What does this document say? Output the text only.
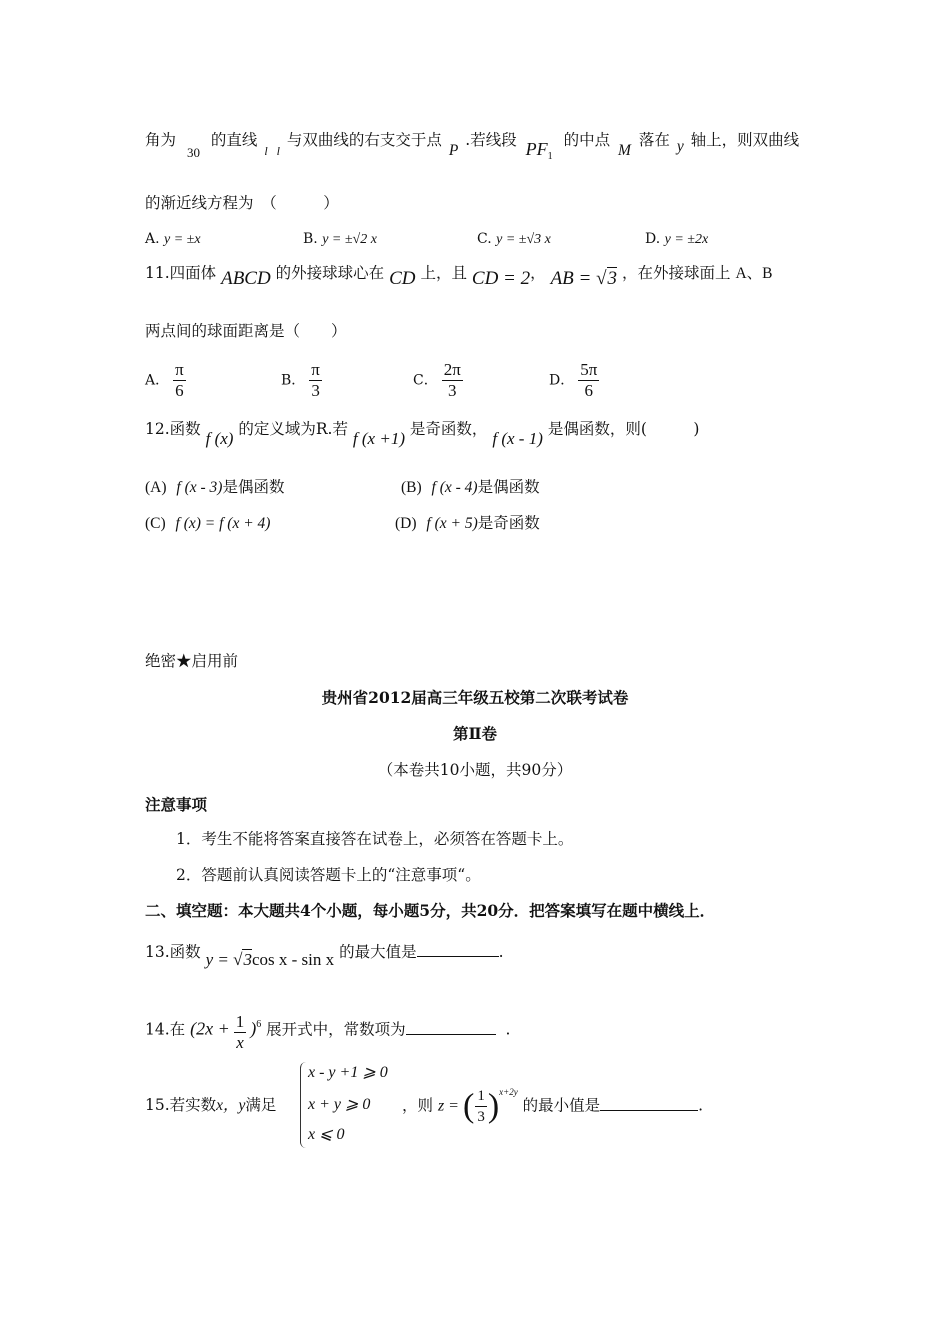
角为 $_{30}$ 的直线 $_l$ $_l$ 与双曲线的右支交于点 P .若线段 $PF_1$ 的中点 M 落在 y 轴上，则双曲线
的渐近线方程为　（　　　）
A. y = ±x	B. y = ±√2 x	C. y = ±√3 x	D. y = ±2x
11.四面体 ABCD 的外接球球心在 CD 上，且 CD = 2， AB = √3 ，在外接球面上 A、B
两点间的球面距离是（　　）
A． $\frac{\pi}{6}$	B． $\frac{\pi}{3}$	C． $\frac{2\pi}{3}$	D． $\frac{5\pi}{6}$
12.函数 f (x) 的定义域为R.若 f (x +1) 是奇函数， f (x - 1) 是偶函数，则(　　　)
(A) f (x - 3)是偶函数	(B) f (x - 4)是偶函数
(C) f (x) = f (x + 4)	(D) f (x + 5)是奇函数
绝密★启用前
贵州省2012届高三年级五校第二次联考试卷
第Ⅱ卷
（本卷共10小题，共90分）
注意事项
1．考生不能将答案直接答在试卷上，必须答在答题卡上。
2．答题前认真阅读答题卡上的“注意事项“。
二、填空题：本大题共4个小题，每小题5分，共20分．把答案填写在题中横线上．
13.函数 y = √3cos x - sin x 的最大值是	.
14.在 $(2x + \frac{1}{x} )^6$ 展开式中，常数项为	.
15.若实数x，y满足
x - y +1 ⩾ 0
x + y ⩾ 0
x ⩽ 0
，则 z = ( $\frac{1}{3} )^{x+2y}$ 的最小值是	.
